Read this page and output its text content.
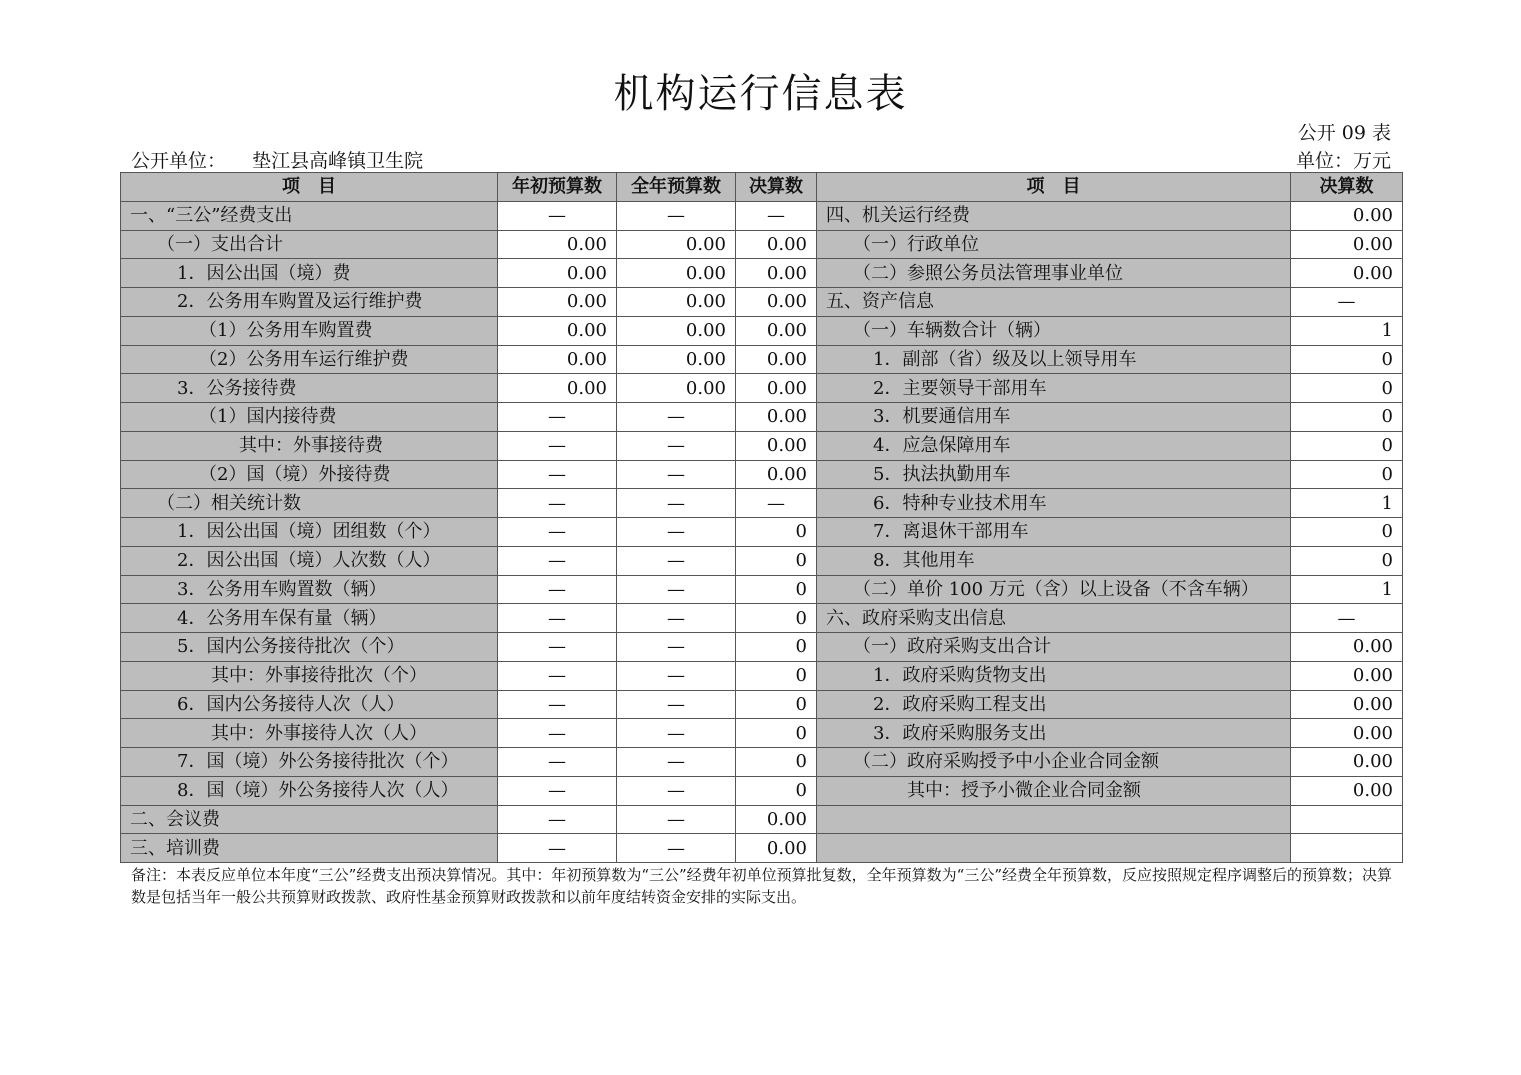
机构运行信息表
公开 09 表
公开单位： 垫江县高峰镇卫生院	单位：万元
项　目	年初预算数	全年预算数	决算数	项　目	决算数
一、“三公”经费支出	—	—	—	四、机关运行经费	0.00
（一）支出合计	0.00	0.00	0.00	（一）行政单位	0.00
1．因公出国（境）费	0.00	0.00	0.00	（二）参照公务员法管理事业单位	0.00
2．公务用车购置及运行维护费	0.00	0.00	0.00	五、资产信息	—
（1）公务用车购置费	0.00	0.00	0.00	（一）车辆数合计（辆）	1
（2）公务用车运行维护费	0.00	0.00	0.00	1．副部（省）级及以上领导用车	0
3．公务接待费	0.00	0.00	0.00	2．主要领导干部用车	0
（1）国内接待费	—	—	0.00	3．机要通信用车	0
其中：外事接待费	—	—	0.00	4．应急保障用车	0
（2）国（境）外接待费	—	—	0.00	5．执法执勤用车	0
（二）相关统计数	—	—	—	6．特种专业技术用车	1
1．因公出国（境）团组数（个）	—	—	0	7．离退休干部用车	0
2．因公出国（境）人次数（人）	—	—	0	8．其他用车	0
3．公务用车购置数（辆）	—	—	0	（二）单价 100 万元（含）以上设备（不含车辆）	1
4．公务用车保有量（辆）	—	—	0	六、政府采购支出信息	—
5．国内公务接待批次（个）	—	—	0	（一）政府采购支出合计	0.00
其中：外事接待批次（个）	—	—	0	1．政府采购货物支出	0.00
6．国内公务接待人次（人）	—	—	0	2．政府采购工程支出	0.00
其中：外事接待人次（人）	—	—	0	3．政府采购服务支出	0.00
7．国（境）外公务接待批次（个）	—	—	0	（二）政府采购授予中小企业合同金额	0.00
8．国（境）外公务接待人次（人）	—	—	0	其中：授予小微企业合同金额	0.00
二、会议费	—	—	0.00		
三、培训费	—	—	0.00		
备注：本表反应单位本年度“三公”经费支出预决算情况。其中：年初预算数为“三公”经费年初单位预算批复数，全年预算数为“三公”经费全年预算数，反应按照规定程序调整后的预算数；决算数是包括当年一般公共预算财政拨款、政府性基金预算财政拨款和以前年度结转资金安排的实际支出。
